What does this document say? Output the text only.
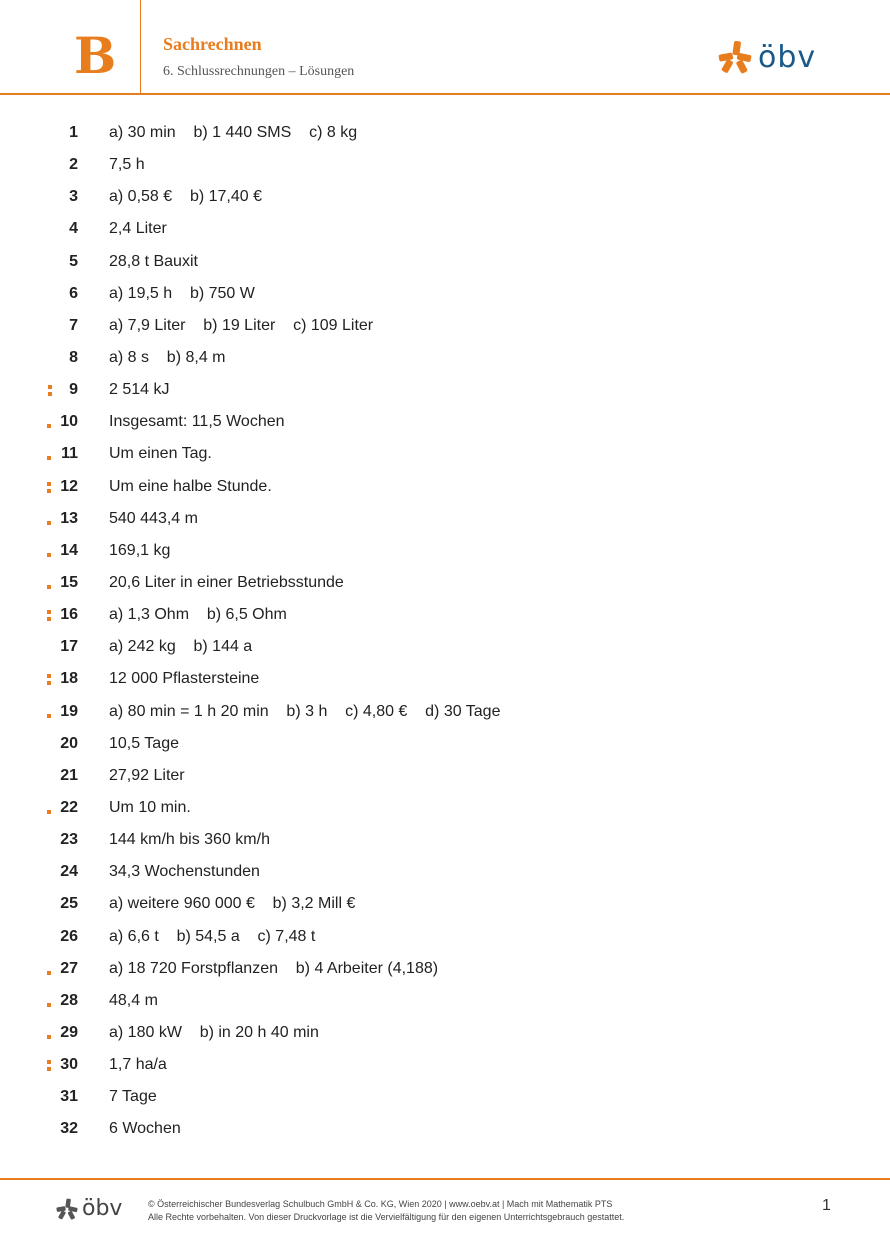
B	Sachrechnen
6. Schlussrechnungen – Lösungen	öbv
1 a) 30 min    b) 1 440 SMS    c) 8 kg
2 7,5 h
3 a) 0,58 €    b) 17,40 €
4 2,4 Liter
5 28,8 t Bauxit
6 a) 19,5 h    b) 750 W
7 a) 7,9 Liter    b) 19 Liter    c) 109 Liter
8 a) 8 s    b) 8,4 m
9 2 514 kJ
10 Insgesamt: 11,5 Wochen
11 Um einen Tag.
12 Um eine halbe Stunde.
13 540 443,4 m
14 169,1 kg
15 20,6 Liter in einer Betriebsstunde
16 a) 1,3 Ohm    b) 6,5 Ohm
17 a) 242 kg    b) 144 a
18 12 000 Pflastersteine
19 a) 80 min = 1 h 20 min    b) 3 h    c) 4,80 €    d) 30 Tage
20 10,5 Tage
21 27,92 Liter
22 Um 10 min.
23 144 km/h bis 360 km/h
24 34,3 Wochenstunden
25 a) weitere 960 000 €    b) 3,2 Mill €
26 a) 6,6 t    b) 54,5 a    c) 7,48 t
27 a) 18 720 Forstpflanzen    b) 4 Arbeiter (4,188)
28 48,4 m
29 a) 180 kW    b) in 20 h 40 min
30 1,7 ha/a
31 7 Tage
32 6 Wochen
öbv	© Österreichischer Bundesverlag Schulbuch GmbH & Co. KG, Wien 2020 | www.oebv.at | Mach mit Mathematik PTS
Alle Rechte vorbehalten. Von dieser Druckvorlage ist die Vervielfältigung für den eigenen Unterrichtsgebrauch gestattet.
1
